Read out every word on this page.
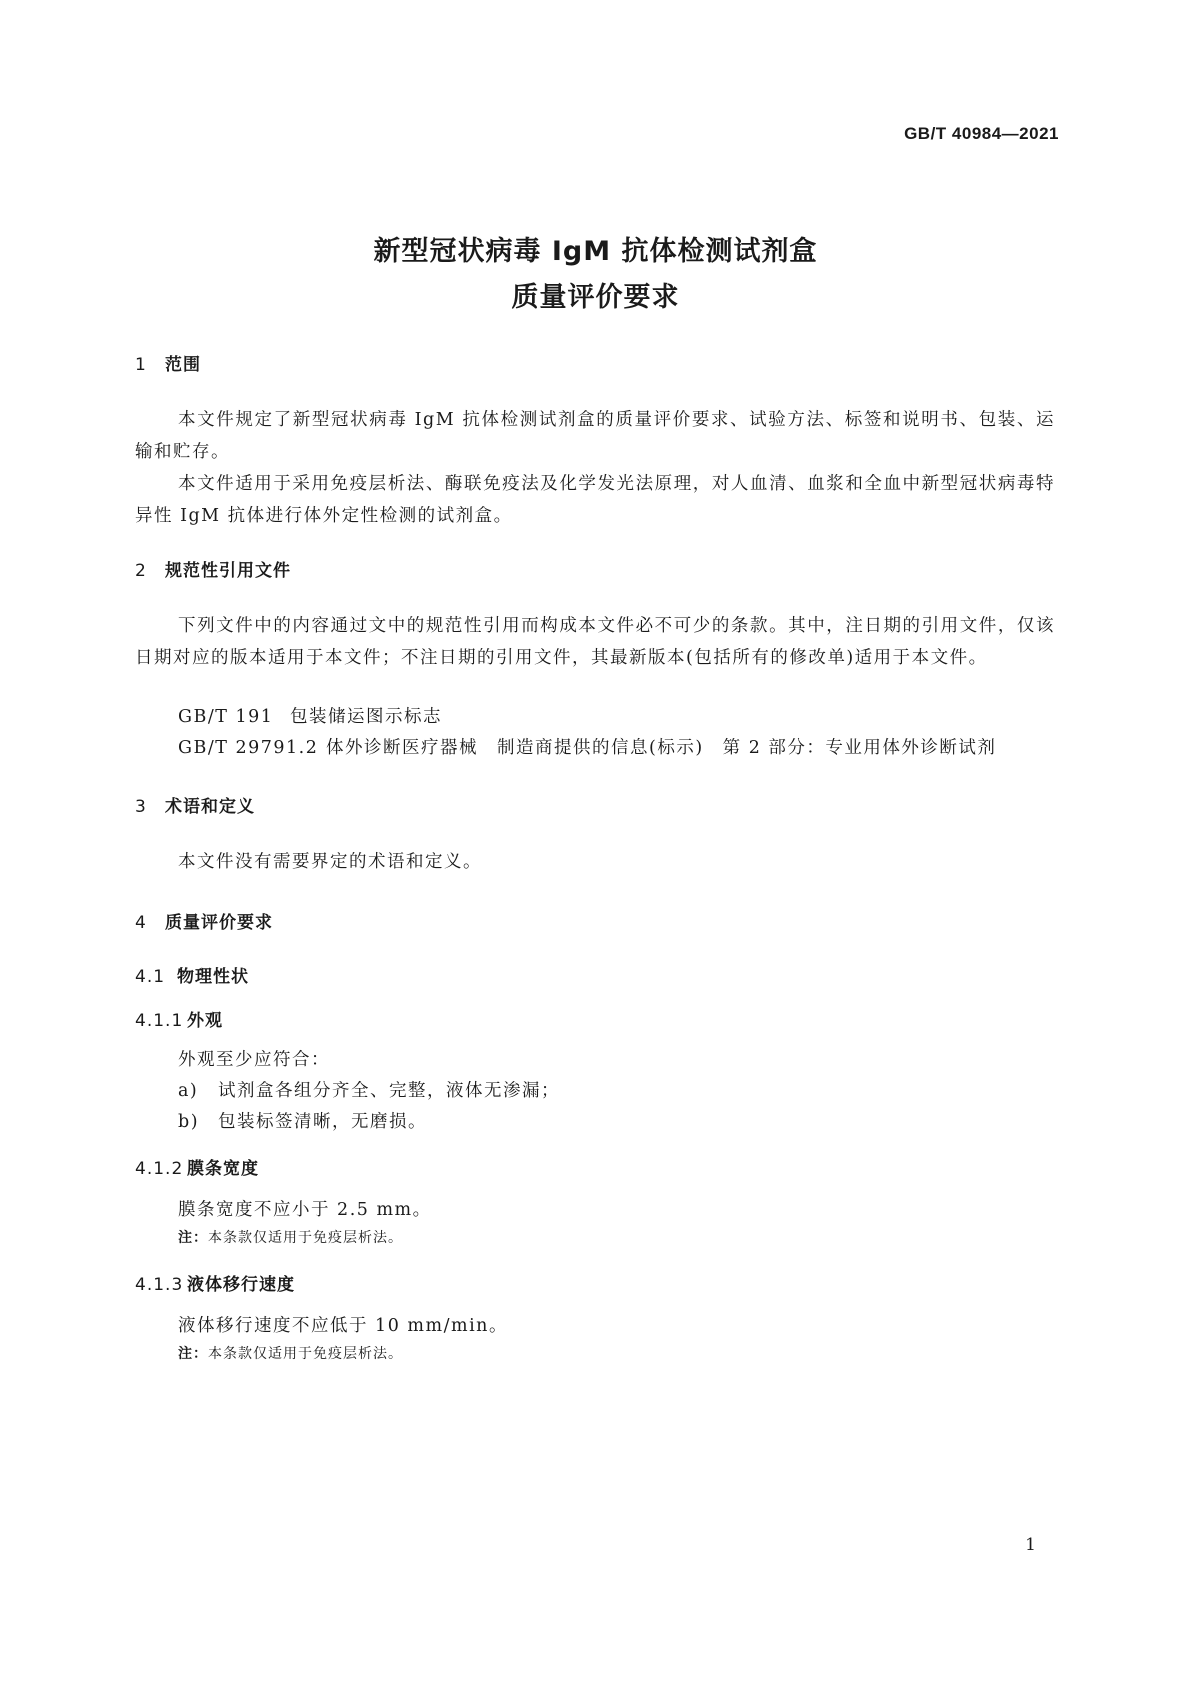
GB/T 40984—2021
新型冠状病毒 IgM 抗体检测试剂盒
质量评价要求
1 范围

本文件规定了新型冠状病毒 IgM 抗体检测试剂盒的质量评价要求、试验方法、标签和说明书、包装、运输和贮存。

本文件适用于采用免疫层析法、酶联免疫法及化学发光法原理，对人血清、血浆和全血中新型冠状病毒特异性 IgM 抗体进行体外定性检测的试剂盒。

2 规范性引用文件

下列文件中的内容通过文中的规范性引用而构成本文件必不可少的条款。其中，注日期的引用文件，仅该日期对应的版本适用于本文件；不注日期的引用文件，其最新版本(包括所有的修改单)适用于本文件。

GB/T 191 包装储运图示标志
GB/T 29791.2 体外诊断医疗器械　制造商提供的信息(标示)　第 2 部分：专业用体外诊断试剂
3 术语和定义
本文件没有需要界定的术语和定义。
4 质量评价要求
4.1 物理性状
4.1.1 外观
外观至少应符合：
a) 试剂盒各组分齐全、完整，液体无渗漏；
b) 包装标签清晰，无磨损。
4.1.2 膜条宽度
膜条宽度不应小于 2.5 mm。
注：本条款仅适用于免疫层析法。
4.1.3 液体移行速度
液体移行速度不应低于 10 mm/min。
注：本条款仅适用于免疫层析法。
1
